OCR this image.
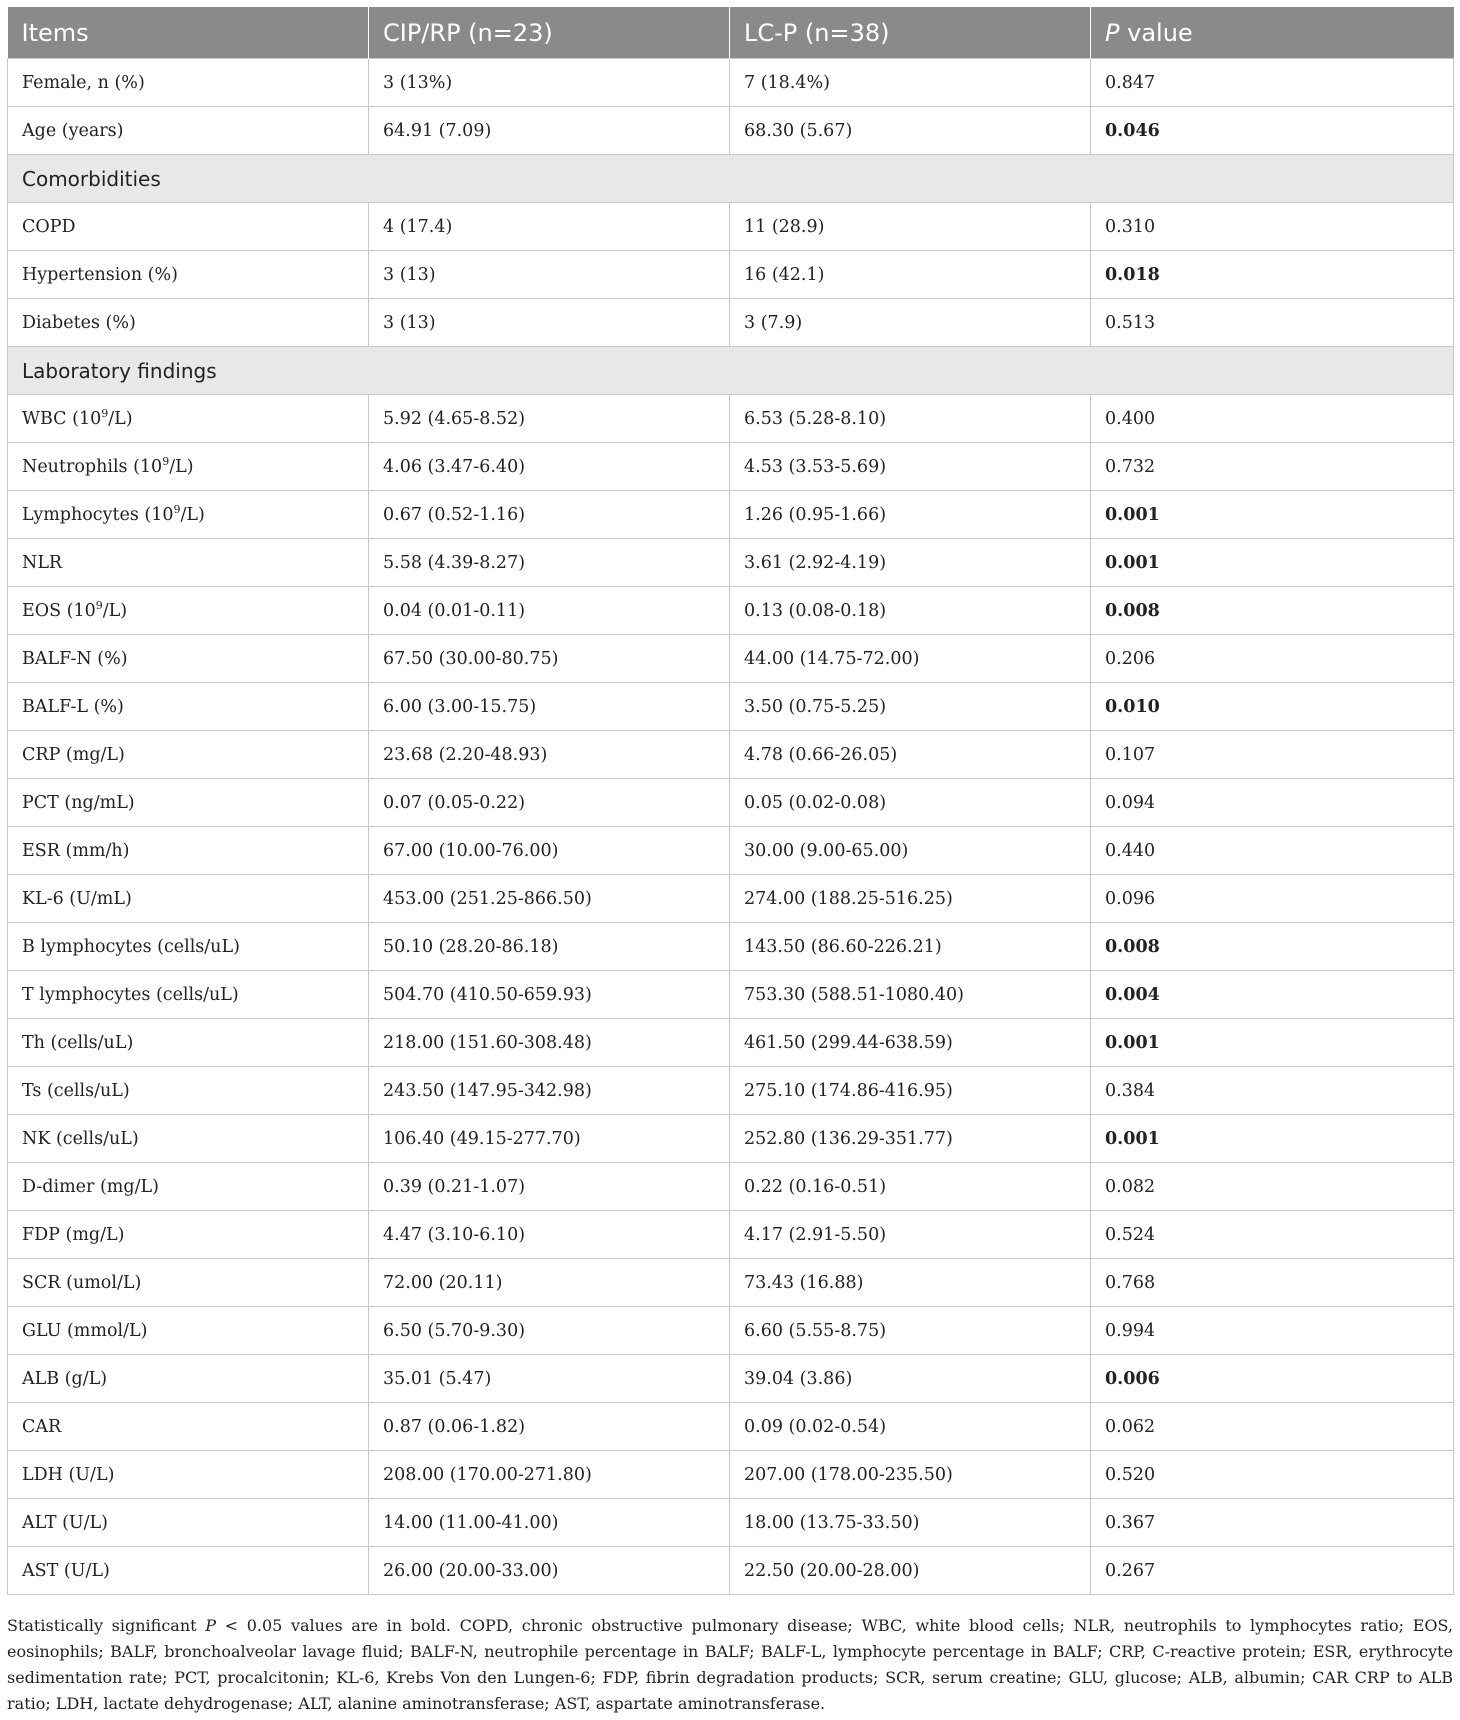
Items	CIP/RP (n=23)	LC-P (n=38)	P value
Female, n (%)	3 (13%)	7 (18.4%)	0.847
Age (years)	64.91 (7.09)	68.30 (5.67)	0.046
Comorbidities			
COPD	4 (17.4)	11 (28.9)	0.310
Hypertension (%)	3 (13)	16 (42.1)	0.018
Diabetes (%)	3 (13)	3 (7.9)	0.513
Laboratory findings			
WBC $(10^9/L)$	5.92 (4.65-8.52)	6.53 (5.28-8.10)	0.400
Neutrophils $(10^9/L)$	4.06 (3.47-6.40)	4.53 (3.53-5.69)	0.732
Lymphocytes $(10^9/L)$	0.67 (0.52-1.16)	1.26 (0.95-1.66)	0.001
NLR	5.58 (4.39-8.27)	3.61 (2.92-4.19)	0.001
EOS $(10^9/L)$	0.04 (0.01-0.11)	0.13 (0.08-0.18)	0.008
BALF-N (%)	67.50 (30.00-80.75)	44.00 (14.75-72.00)	0.206
BALF-L (%)	6.00 (3.00-15.75)	3.50 (0.75-5.25)	0.010
CRP (mg/L)	23.68 (2.20-48.93)	4.78 (0.66-26.05)	0.107
PCT (ng/mL)	0.07 (0.05-0.22)	0.05 (0.02-0.08)	0.094
ESR (mm/h)	67.00 (10.00-76.00)	30.00 (9.00-65.00)	0.440
KL-6 (U/mL)	453.00 (251.25-866.50)	274.00 (188.25-516.25)	0.096
B lymphocytes (cells/uL)	50.10 (28.20-86.18)	143.50 (86.60-226.21)	0.008
T lymphocytes (cells/uL)	504.70 (410.50-659.93)	753.30 (588.51-1080.40)	0.004
Th (cells/uL)	218.00 (151.60-308.48)	461.50 (299.44-638.59)	0.001
Ts (cells/uL)	243.50 (147.95-342.98)	275.10 (174.86-416.95)	0.384
NK (cells/uL)	106.40 (49.15-277.70)	252.80 (136.29-351.77)	0.001
D-dimer (mg/L)	0.39 (0.21-1.07)	0.22 (0.16-0.51)	0.082
FDP (mg/L)	4.47 (3.10-6.10)	4.17 (2.91-5.50)	0.524
SCR (umol/L)	72.00 (20.11)	73.43 (16.88)	0.768
GLU (mmol/L)	6.50 (5.70-9.30)	6.60 (5.55-8.75)	0.994
ALB (g/L)	35.01 (5.47)	39.04 (3.86)	0.006
CAR	0.87 (0.06-1.82)	0.09 (0.02-0.54)	0.062
LDH (U/L)	208.00 (170.00-271.80)	207.00 (178.00-235.50)	0.520
ALT (U/L)	14.00 (11.00-41.00)	18.00 (13.75-33.50)	0.367
AST (U/L)	26.00 (20.00-33.00)	22.50 (20.00-28.00)	0.267
Statistically significant P < 0.05 values are in bold. COPD, chronic obstructive pulmonary disease; WBC, white blood cells; NLR, neutrophils to lymphocytes ratio; EOS, eosinophils; BALF, bronchoalveolar lavage fluid; BALF-N, neutrophile percentage in BALF; BALF-L, lymphocyte percentage in BALF; CRP, C-reactive protein; ESR, erythrocyte sedimentation rate; PCT, procalcitonin; KL-6, Krebs Von den Lungen-6; FDP, fibrin degradation products; SCR, serum creatine; GLU, glucose; ALB, albumin; CAR CRP to ALB ratio; LDH, lactate dehydrogenase; ALT, alanine aminotransferase; AST, aspartate aminotransferase.
